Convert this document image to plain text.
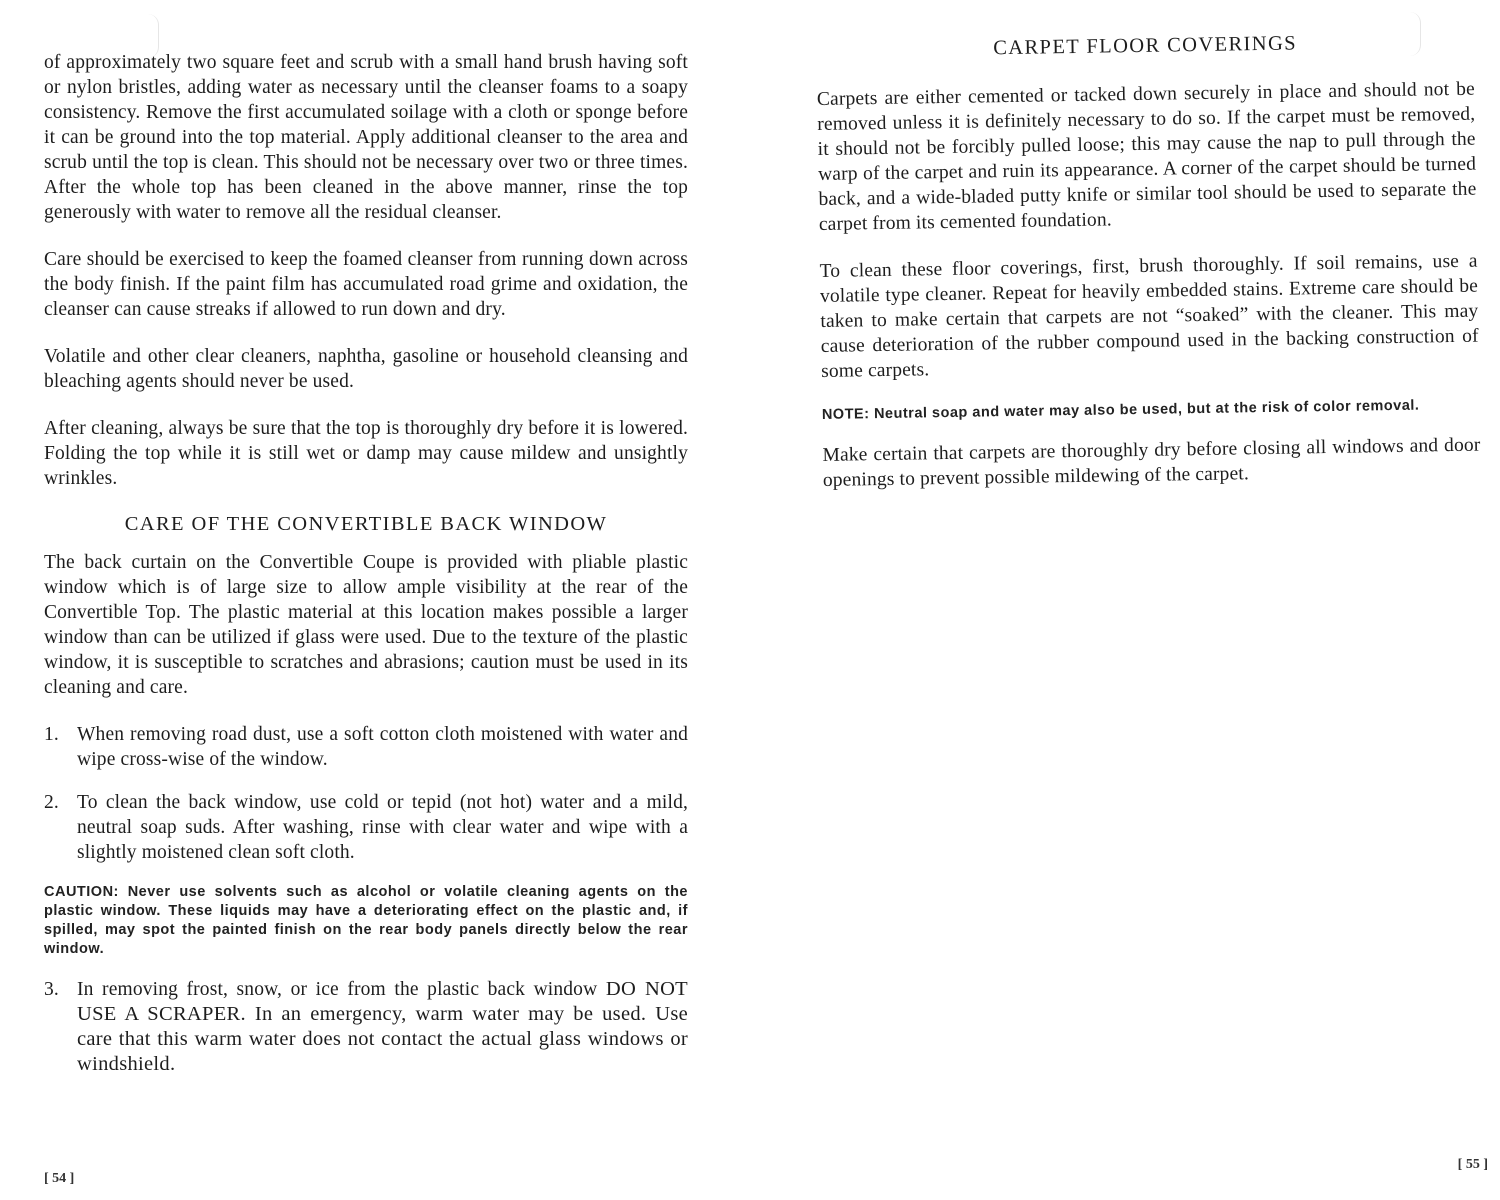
of approximately two square feet and scrub with a small hand brush having soft or nylon bristles, adding water as necessary until the cleanser foams to a soapy consistency. Remove the first accumulated soilage with a cloth or sponge before it can be ground into the top material. Apply additional cleanser to the area and scrub until the top is clean. This should not be necessary over two or three times. After the whole top has been cleaned in the above manner, rinse the top generously with water to remove all the residual cleanser.

Care should be exercised to keep the foamed cleanser from running down across the body finish. If the paint film has accumulated road grime and oxidation, the cleanser can cause streaks if allowed to run down and dry.

Volatile and other clear cleaners, naphtha, gasoline or household cleansing and bleaching agents should never be used.

After cleaning, always be sure that the top is thoroughly dry before it is lowered. Folding the top while it is still wet or damp may cause mildew and unsightly wrinkles.

CARE OF THE CONVERTIBLE BACK WINDOW

The back curtain on the Convertible Coupe is provided with pliable plastic window which is of large size to allow ample visibility at the rear of the Convertible Top. The plastic material at this location makes possible a larger window than can be utilized if glass were used. Due to the texture of the plastic window, it is susceptible to scratches and abrasions; caution must be used in its cleaning and care.

1. When removing road dust, use a soft cotton cloth moistened with water and wipe cross-wise of the window.
2. To clean the back window, use cold or tepid (not hot) water and a mild, neutral soap suds. After washing, rinse with clear water and wipe with a slightly moistened clean soft cloth.

CAUTION: Never use solvents such as alcohol or volatile cleaning agents on the plastic window. These liquids may have a deteriorating effect on the plastic and, if spilled, may spot the painted finish on the rear body panels directly below the rear window.

3. In removing frost, snow, or ice from the plastic back window DO NOT USE A SCRAPER. In an emergency, warm water may be used. Use care that this warm water does not contact the actual glass windows or windshield.
[ 54 ]
CARPET FLOOR COVERINGS

Carpets are either cemented or tacked down securely in place and should not be removed unless it is definitely necessary to do so. If the carpet must be removed, it should not be forcibly pulled loose; this may cause the nap to pull through the warp of the carpet and ruin its appearance. A corner of the carpet should be turned back, and a wide-bladed putty knife or similar tool should be used to separate the carpet from its cemented foundation.

To clean these floor coverings, first, brush thoroughly. If soil remains, use a volatile type cleaner. Repeat for heavily embedded stains. Extreme care should be taken to make certain that carpets are not “soaked” with the cleaner. This may cause deterioration of the rubber compound used in the backing construction of some carpets.

NOTE: Neutral soap and water may also be used, but at the risk of color removal.

Make certain that carpets are thoroughly dry before closing all windows and door openings to prevent possible mildewing of the carpet.

[ 55 ]
